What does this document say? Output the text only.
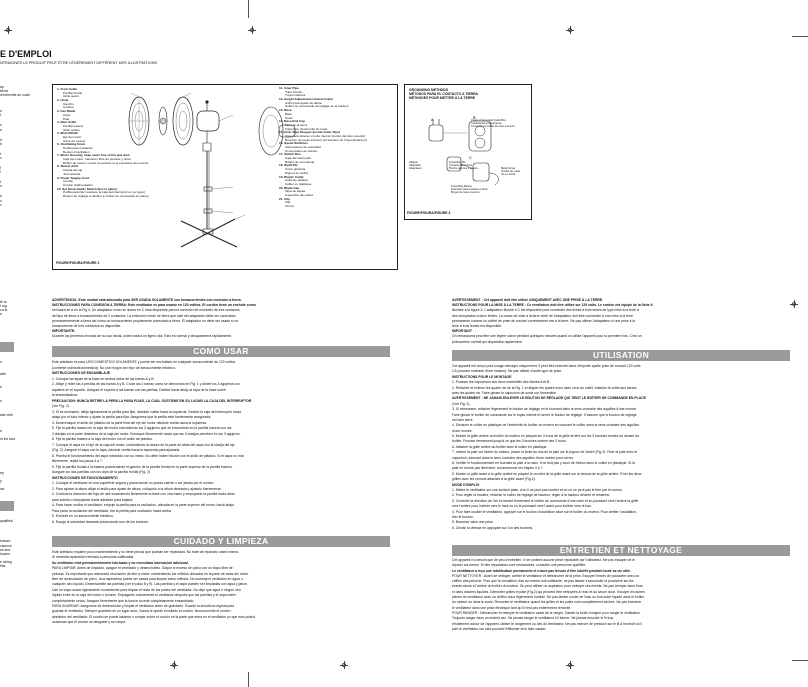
E D'EMPLOI
NTRAIGNES LE PRODUIT PEUT ÊTRE LÉGÈREMENT DIFFÉRENT DES ILLUSTRATIONS
ap
tierra
d'extremite du socle
n
t
s
e
d
b
t
c
t
l
t
s
e
u
c
te ar
t rug
ou le
e
s
with
e
s
ade with
e
in the tara
ep
y
ow
qualified
ensure
vacuum
es and
loosen
e wiring
this
1. Front Grille
Parrilla frontal
Grille avant
2. Hook
Gancho
Crochet
3. Fan Blade
Aspa
Pale
4. Rear Grille
Parrilla trasera
Grille arrière
5. Motor/Shaft
Eje del motor
Arbre du moteur
6. Oscillating Knob
Perilla para oscilación
Bouton d'oscillation
7. Motor Housing; keep vents free of lint and dust
Caja del motor; mantener libre de pelusas y polvo
Boîtier du moteur; retirer la peluche et la poussière des évents
8. Swivel Joint
Clavija del eje
Joint articulé
9. Power Supply Cord
Cordón
Cordon d'alimentation
10. Set Knob (holds Switch Box in place)
Perilla para fijar (sostiene la caja del interruptor en su lugar)
Bouton de réglage (maintien le boîtier de commande en place)
11. Inner Pipe
Tubo interior
Tuyau intérieur
12. Height Adjustment Control Collar
Anillo para ajuste de altura
Collier de commande du réglage de la hauteur
13. Base
Base
Socle
14. Base End Cap
Tapa de la tierra
Capuchon d'extrémité du socle
15. Inner Pipe Stopper (inside Outer Pipe)
Tope para detener el tubo interior (dentro del tubo exterior)
Bouchon de tuyau intérieur (à l'intérieur du Tuyau Extérieur)
16. Speed Switches
Interruptores de velocidad
Commandes de vitesse
17. Switch Box
Caja del interruptor
Boîtier de commande
18. Shaft Pin
Union giratoria
Pignon de l'arbre
19. Plastic Collar
Anillo de plástico
Collier en plastique
20. Blade Cap
Tapa de aspas
Capuchon des pales
21. Clip
Clip
Verrou
FIGURE/FIGURA/FIGURE 2
GROUNDING METHODS
MÉTODOS PARA EL CONTACTO A TIERRA
MÉTHODES POUR METTRE À LA TERRE
A	B
C
Cover of Grounded Outlet Box
Cubierta del tomacorriente
Couvercle du coffret de mise à la terre
Grounding Pin
Contacto para tierra
Broche de mise à la terre
Adapter
Adaptador
Adaptateur	Metal Screw
Tornillo de metal
Vis en métal
Grounding Means
Extensión para contacto a tierra
Moyen de mise à la terre
FIGURE/FIGURA/FIGURE 3
ADVERTENCIA: Este unidad está adecuada para SER USADA SOLAMENTE con tomacorrientes con conexión a tierra.
INSTRUCCIONES PARA CONEXIÓN A TIERRA: Este ventilador es para usarse en 120 voltios. El cordón tiene un enchufe como
se ilustra en A en la Fig 3. Un adaptador como se ilustra en C está disponible para la conexión de enchufes de tres contactos
del tipo de tierra a tomacorrientes de 2 contactos. La extensión verde de tierra que sale del adaptador debe ser conectado
permanentemente a tierra así como un tomacorriente propiamente conectado a tierra. El adaptador no debe ser usado si un
tomacorriente de tres contactos es disponible.
IMPORTANTE:
Durante los primeros minutos de su uso inicial, usted notará un ligero olor. Esto es normal y desaparecerá rápidamente.
COMO USAR
Este artefacto es para USO DOMESTICO SOLAMENTE y puede ser enchufado en cualquier tomacorriente de 120 voltios
(corriente ordinaria doméstica). No use ningún otro tipo de tomacorriente eléctrico.
INSTRUCCIONES DE ENSAMBLAJE
1. Coloque las tapas de la base en ambos lados de las barras A y B.
2. Afloje y retire las 4 perillas de las barras A y B. Cruce las 2 barras como se demuestra en Fig. 1 y alinee los 4 agujeros con
aquellos en el soporte. Asegure el soporte a las barras con las perillas. Deslice hacia abajo la tapa de la base sobre
la ensambladura.
PRECAUCION: NUNCA RETIRE LA PERILLA PARA FIJAR, LA CUAL SOSTIENE EN SU LUGAR LA CAJA DEL INTERRUPTOR
(Ver Fig. 2).
3. Si es necesario, afloje ligeramente la perilla para fijar, dándole vuelta hacia la izquierda. Deslice la caja del interruptor hacia
abajo por el tubo interior y ajuste la perilla para fijar. Asegúrese que la perilla esté fuertemente asegurada.
4. Desenrosque el anillo de plástico de la parte final del eje del motor dándole vuelta hacia la izquierda.
5. Fije la parrilla trasera en la caja del motor coincidiendo los 2 agujeros que se encuentran en la parrilla trasera con las
3 clavijas en la parte delantera de la caja del motor. Enrosque firmemente hasta que las 3 clavijas penetren en los 3 agujeros.
6. Fije la parrilla trasera a la caja del motor con el anillo de plástico.
7. Coloque el aspa en el eje de la caja del motor, coincidiendo la ranura de la parte de atrás del aspa con la clavija del eje
(Fig. 2). Asegure el aspa con la tapa, dándole vuelta hacia la izquierda para ajustarla.
8. Prueba el funcionamiento del aspa rotándolo con su mano. No debe haber fricción con el anillo de plástico. Si el aspa no rota
libremente, repita los pasos 4 a 7.
9. Fije la parrilla frontal a la trasera posicionando el gancho de la parrilla frontal en la parte superior de la parrilla trasera.
Asegure los dos parrillas con los clips de la parrilla frontal (Fig. 2).
INSTRUCCIONES DE FUNCIONAMIENTO
1. Coloque el ventilador en una superficie segura y plana donde no pueda caerse o ser jalado por el cordón.
2. Para ajustar la altura afloje el anillo para ajuste de altura; colóquelo a la altura deseada y ajústelo fuertemente.
3. Controle la dirección del flujo de aire sosteniendo firmemente la base con una mano y empujando la parrilla hacia atrás
para subirla o empujando hacia adelante para bajarla.
4. Para hacer oscilar el ventilador, empuje la perilla para la oscilación, ubicada en la parte superior del motor, hacia abajo.
Para parar la oscilación del ventilador, tire la perilla para oscilación hacia arriba.
5. Enchufe en un tomacorriente eléctrico.
6. Escoja la velocidad deseada presionando uno de los botones.
CUIDADO Y LIMPIEZA
Este artefacto requiere poco mantenimiento y no tiene piezas que puedan ser reparadas. No trate de repararlo usted mismo.
Si necesita reparación remítalo a personas calificadas.
Su ventilador está permanentemente lubricado y no necesitara lubricación adicional.
PARA LIMPIAR: Antes de limpiarlo, apague el ventilador y desenchúfelo. Saque el exceso de polvo con un trapo libre de
pelusas. Es importante que adecuada circulación de aire a motor, manteniendo los orificios ubicados en la parte de atrás del motor
libre de acumulación de polvo. Una aspiradora puede ser usada para limpiar estos orificios. No sumerja el ventilador en agua o
cualquier otro líquido. Desensamble las parrillas (ver el paso 8 y 9). Las parrillas y el aspa pueden ser limpiadas con agua y jabón.
Use un trapo suave ligeramente humedecido para limpiar el resto de las partes del ventilador. No deje que agua o ningún otro
líquido entre en la caja del motor o la base. Enjuáguelo nuevamente el ventilador después que las parrillas y el aspa estén
completamente secos. Asegure firmemente que la tuerca no esté completamente ensamblado.
PARA GUARDAR: Asegúrese de desenchufar y limpiar el ventilador antes de guardarlo. Guarde la envoltura original para
guardar el ventilador. Siempre guárdelo en un lugar seco. Nunca le quede enrollado el cordón. Nunca enrolle el cordón
alrededor del ventilador. El cordón se puede lastimar o romper sobre el cordón en la parte que entra en el ventilador yo que esto podría
ocasionar que el cordón se desgaste y se rompa.
AVERTISSEMENT : Cet appareil doit être utilisé UNIQUEMENT AVEC UNE PRISE À LA TERRE.
INSTRUCTIONS POUR LA MISE À LA TERRE : Ce ventilateur doit être utilisé sur 120 volts. Le cordon est équipé de la fiche A
illustrée à la figure 3. L'adaptateur illustré à C est disponible pour connecter des fiches à trois lames de type mise à la terre à
des réceptacles à deux fentes. La cosse de mise à la terre verte de l'adaptateur doit être connectée à une mise à la terre
permanente comme un coffret de prise de courant correctement mis à la terre. Ne pas utiliser l'adaptateur si une prise à la
terre à trois fentes est disponible.
IMPORTANT
On remarquera peut être une légère odeur pendant quelques minutes quand on utilise l'appareil pour la première fois. C'est un
phénomène normal qui disparaîtra rapidement.
UTILISATION
Cet appareil est conçu pour usage ménager uniquement. Il peut être branché dans n'importe quelle prise de courant 120 volts
CA (courant ordinaire d'une maison). Ne pas utiliser d'autre type de prise.
INSTRUCTIONS POUR LE MONTAGE
1. Pousser les capuchons aux deux extrémités des Barres A et B.
2. Relâcher et enlever les quatre vis de la Fig. 1 et aligner les quatre trous avec ceux du collet. Attacher le collet aux barres
avec les quatre vis. Faire glisser le capuchon de socle sur l'ensemble.
AVERTISSEMENT : NE JAMAIS ENLEVER LE BOUTON DE RÉGLAGE QUI TIENT LE BOÎTIER DE COMMANDE EN PLACE
(Voir Fig. 2).
3. Si nécessaire, relâcher légèrement le bouton de réglage en le tournant dans le sens contraire des aiguilles d'une montre.
Faire glisser le boîtier de commande sur le tuyau interne et serrer le bouton de réglage. S'assurer que le bouton de réglage
est bien serré.
4. Dévisser le collier en plastique de l'extrémité du boîtier du moteur en tournant le collier dans le sens contraire des aiguilles
d'une montre.
5. Monter la grille arrière au boîtier du moteur en plaçant les 3 trous de la grille arrière sur les 3 broches rendes du devant du
boîtier. Pousser fermement jusqu'à ce que les 3 broches sortent des 3 trous.
6. Attacher la grille arrière au boîtier avec le collier en plastique.
7. Insérer la pale sur l'arbre du moteur, placer la fente au dos de la pale sur le pignon de l'arbre (Fig.2). Fixer la pale avec le
capuchon, tournant dans le sens contraire des aiguilles d'une montre pour serrer.
8. Vérifier le fonctionnement en tournant la pale à la main. Il ne doit pas y avoir de friction avec le collier en plastique. Si la
pale ne tourne pas librement, recommencer les étapes 4 à 7.
9. Monter la grille avant à la grille arrière en plaçant le crochet de la grille avant sur le dessus de la grille arrière. Fixer les deux
grilles avec les verrous attachés à la grille avant (Fig.2).
MODE D'EMPLOI
1. Mettre le ventilateur sur une surface plate, d'où il ne peut pas tomber et où on ne peut pas le tirer par le cordon.
2. Pour régler la hauteur, relâcher le collier de réglage de hauteur, régler à la hauteur désirée et resserrer.
3. Contrôler la direction de l'air en tenant fermement le boîtier de commande d'une main et en poussant vers l'arrière la grille
vers l'arrière pour incliner vers le haut ou en la poussant vers l'avant pour incliner vers le bas.
4. Pour faire osciller le ventilateur, appuyer sur le bouton d'oscillation situé sur le boîtier du moteur. Pour arrêter l'oscillation,
tirer le bouton.
5. Brancher dans une prise.
6. Choisir la vitesse en appuyant sur l'un des boutons.
ENTRETIEN ET NETTOYAGE
Cet appareil n'a besoin que de peu d'entretien. Il ne contient aucune pièce réparable par l'utilisateur. Ne pas essayer de le
réparer soi-même. Si des réparations sont nécessaires, consulter une personne qualifiée.
Le ventilateur a reçu une lubrification permanente et n'aura pas besoin d'être lubrifié pendant toute sa vie utile.
POUR NETTOYER : Avant de nettoyer, arrêter le ventilateur et débrancher de la prise. Essuyer l'excès de poussière avec un
chiffon anti-peluche. Pour que la circulation d'air au moteur soit suffisante, ne pas laisser s'accumuler la poussière sur les
évents situés à l'arrière du boîtier du moteur. On peut utiliser un aspirateur pour nettoyer ces évents. Ne pas tremper dans l'eau
ni dans d'autres liquides. Démonter grilles et pale (Fig.2) qui peuvent être nettoyées à l'eau et au savon doux. Essuyer les autres
pièces du ventilateur avec un chiffon doux légèrement humide. Ne pas laisser couler de l'eau ou tout autre liquide dans le boîtier
du moteur ou dans le socle. Remonter le ventilateur quand les grilles et les pales sont complètement sèches. Ne pas brancher
le ventilateur dans une prise électrique tant qu'il n'est pas entièrement remonté.
POUR RANGER : Débrancher et nettoyer le ventilateur avant de le ranger. Garder la boîte d'origine pour ranger le ventilateur.
Toujours ranger dans un endroit sec. Ne jamais ranger le ventilateur s'il tourne. Ne jamais enrouler le fil trop
étroitement autour de l'appareil, utiliser le rangement ou des du ventilateur. Ne pas exercer de pression sur le fil à l'endroit où il
joint le ventilateur car cela pourrait l'effilocher et le faire casser.
